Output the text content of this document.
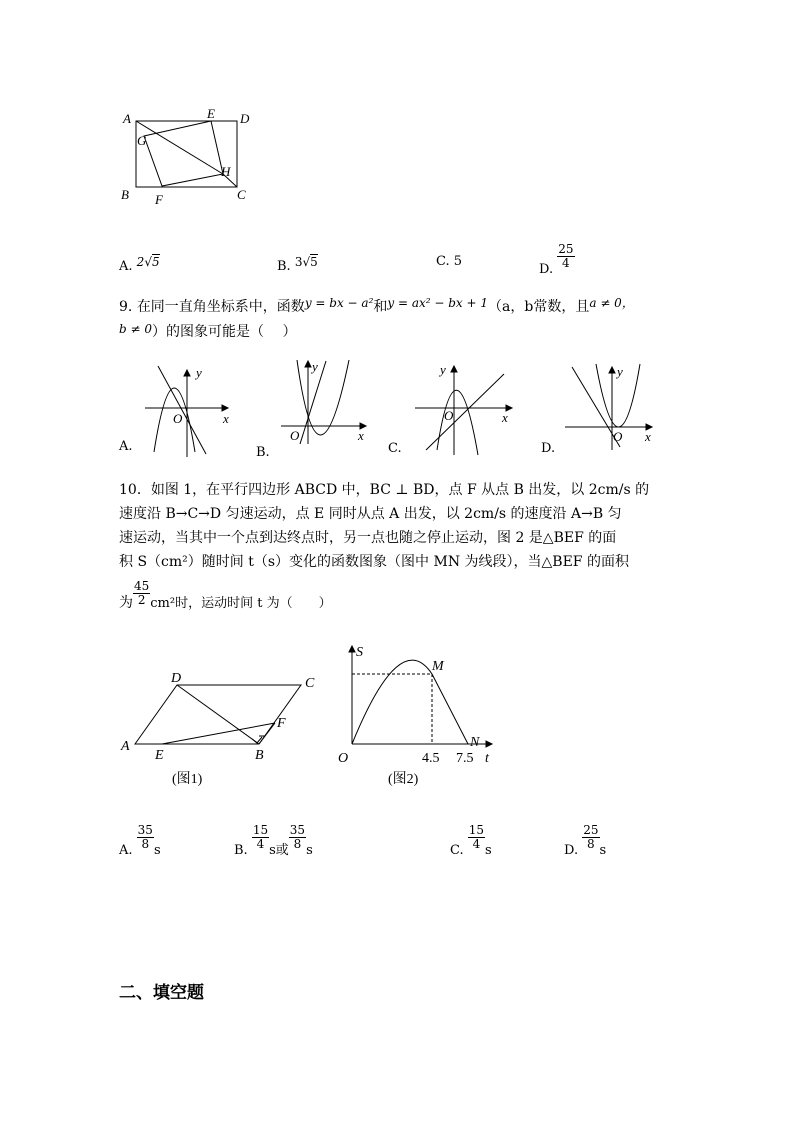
A	D
E
G
H
B	C
F
A. 2√5	B. 3√5	C. 5
D. $\frac{25}{4}$
9. 在同一直角坐标系中，函数y = bx − a²和y = ax² − bx + 1（a，b常数，且a ≠ 0，
b ≠ 0）的图象可能是（　 ）
y
x
O
A.
y
x
O
B.
y
x
O
C.
y
x
O
D.
10．如图 1，在平行四边形 ABCD 中，BC ⊥ BD，点 F 从点 B 出发，以 2cm/s 的
速度沿 B→C→D 匀速运动，点 E 同时从点 A 出发，以 2cm/s 的速度沿 A→B 匀
速运动，当其中一个点到达终点时，另一点也随之停止运动，图 2 是△BEF 的面
积 S（cm²）随时间 t（s）变化的函数图象（图中 MN 为线段），当△BEF 的面积
为 $\frac{45}{2} cm^2$时，运动时间 t 为（　　）
A
D	C
B
E
F
(图1)
S
M
N
O	t
4.5 7.5
(图2)
A. $\frac{35}{8}$ s	B. $\frac{15}{4}$ s或 $\frac{35}{8}$ s	C. $\frac{15}{4}$ s	D. $\frac{25}{8}$ s
二、填空题
